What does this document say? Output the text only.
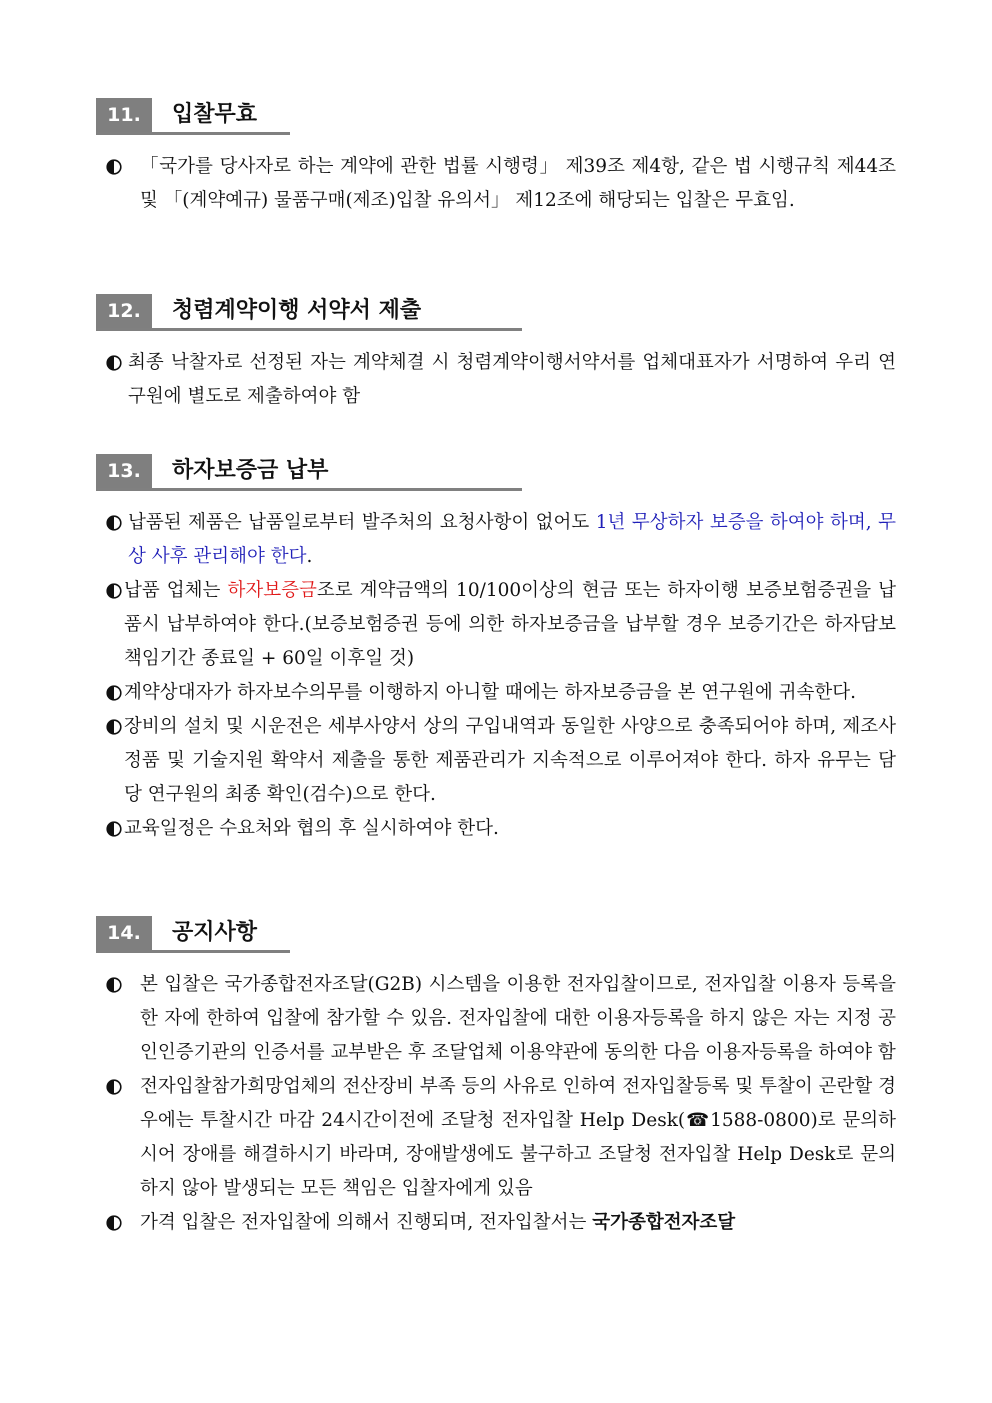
11.	입찰무효
「국가를 당사자로 하는 계약에 관한 법률 시행령」 제39조 제4항, 같은 법 시행규칙 제44조 및 「(계약예규) 물품구매(제조)입찰 유의서」 제12조에 해당되는 입찰은 무효임.
12.	청렴계약이행 서약서 제출
최종 낙찰자로 선정된 자는 계약체결 시 청렴계약이행서약서를 업체대표자가 서명하여 우리 연구원에 별도로 제출하여야 함
13.	하자보증금 납부
납품된 제품은 납품일로부터 발주처의 요청사항이 없어도 1년 무상하자 보증을 하여야 하며, 무상 사후 관리해야 한다.
납품 업체는 하자보증금조로 계약금액의 10/100이상의 현금 또는 하자이행 보증보험증권을 납품시 납부하여야 한다.(보증보험증권 등에 의한 하자보증금을 납부할 경우 보증기간은 하자담보 책임기간 종료일 + 60일 이후일 것)
계약상대자가 하자보수의무를 이행하지 아니할 때에는 하자보증금을 본 연구원에 귀속한다.
장비의 설치 및 시운전은 세부사양서 상의 구입내역과 동일한 사양으로 충족되어야 하며, 제조사 정품 및 기술지원 확약서 제출을 통한 제품관리가 지속적으로 이루어져야 한다. 하자 유무는 담당 연구원의 최종 확인(검수)으로 한다.
교육일정은 수요처와 협의 후 실시하여야 한다.
14.	공지사항
본 입찰은 국가종합전자조달(G2B) 시스템을 이용한 전자입찰이므로, 전자입찰 이용자 등록을 한 자에 한하여 입찰에 참가할 수 있음. 전자입찰에 대한 이용자등록을 하지 않은 자는 지정 공인인증기관의 인증서를 교부받은 후 조달업체 이용약관에 동의한 다음 이용자등록을 하여야 함
전자입찰참가희망업체의 전산장비 부족 등의 사유로 인하여 전자입찰등록 및 투찰이 곤란할 경우에는 투찰시간 마감 24시간이전에 조달청 전자입찰 Help Desk(☎1588-0800)로 문의하시어 장애를 해결하시기 바라며, 장애발생에도 불구하고 조달청 전자입찰 Help Desk로 문의하지 않아 발생되는 모든 책임은 입찰자에게 있음
가격 입찰은 전자입찰에 의해서 진행되며, 전자입찰서는 국가종합전자조달
